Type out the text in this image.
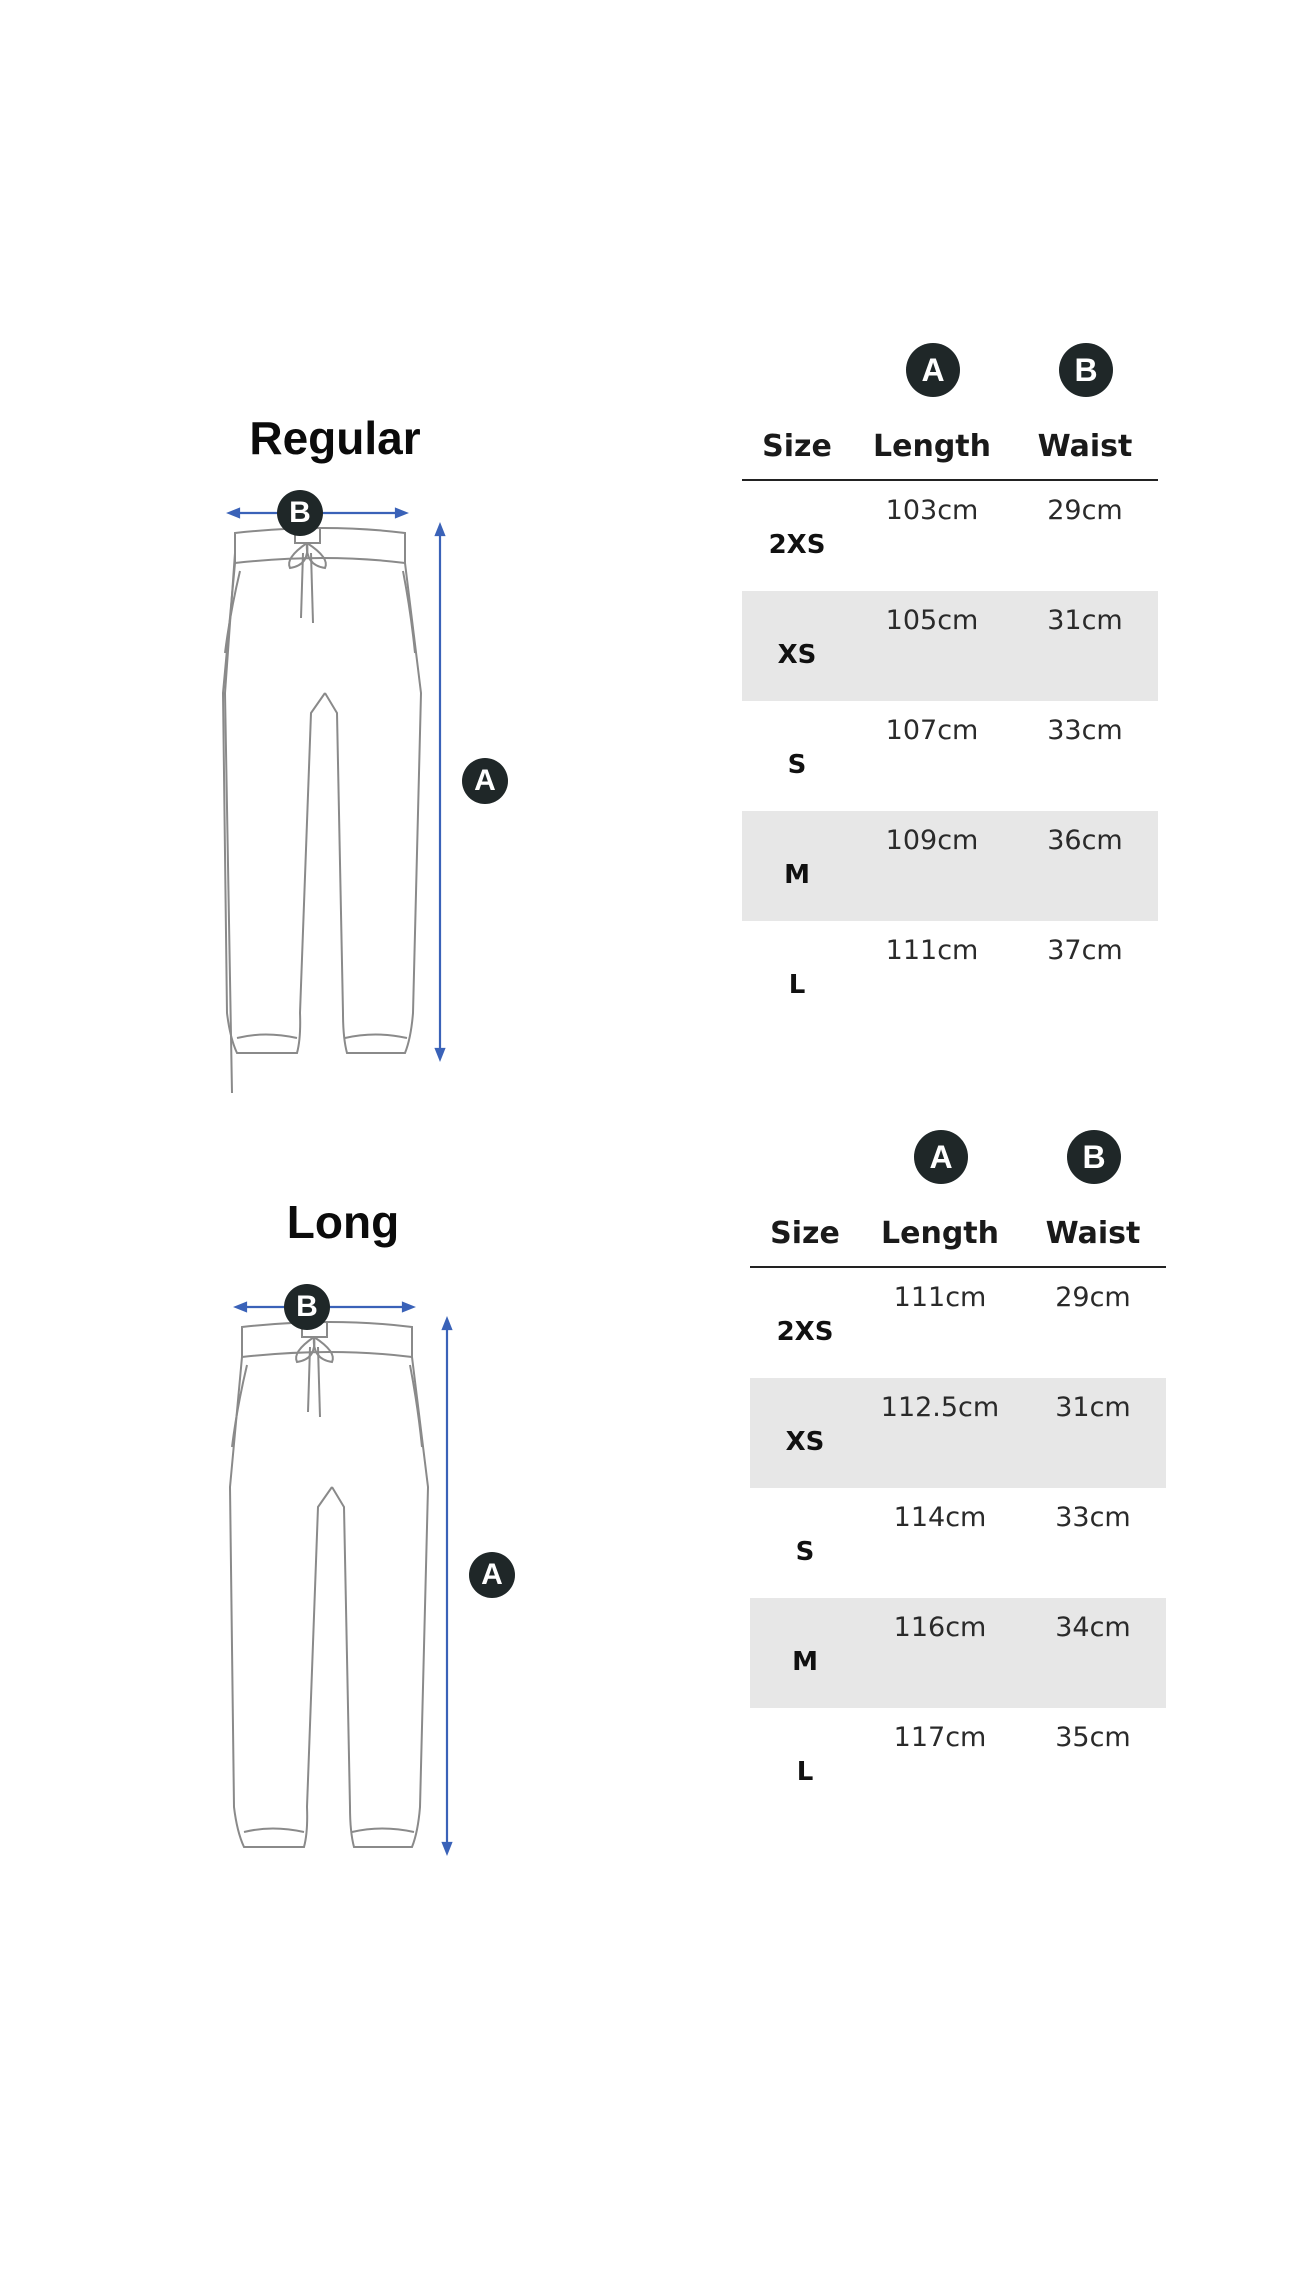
Regular
B
A
A	B
Size	Length	Waist
2XS	103cm	29cm
XS	105cm	31cm
S	107cm	33cm
M	109cm	36cm
L	111cm	37cm
Long
B
A
A	B
Size	Length	Waist
2XS	111cm	29cm
XS	112.5cm	31cm
S	114cm	33cm
M	116cm	34cm
L	117cm	35cm
